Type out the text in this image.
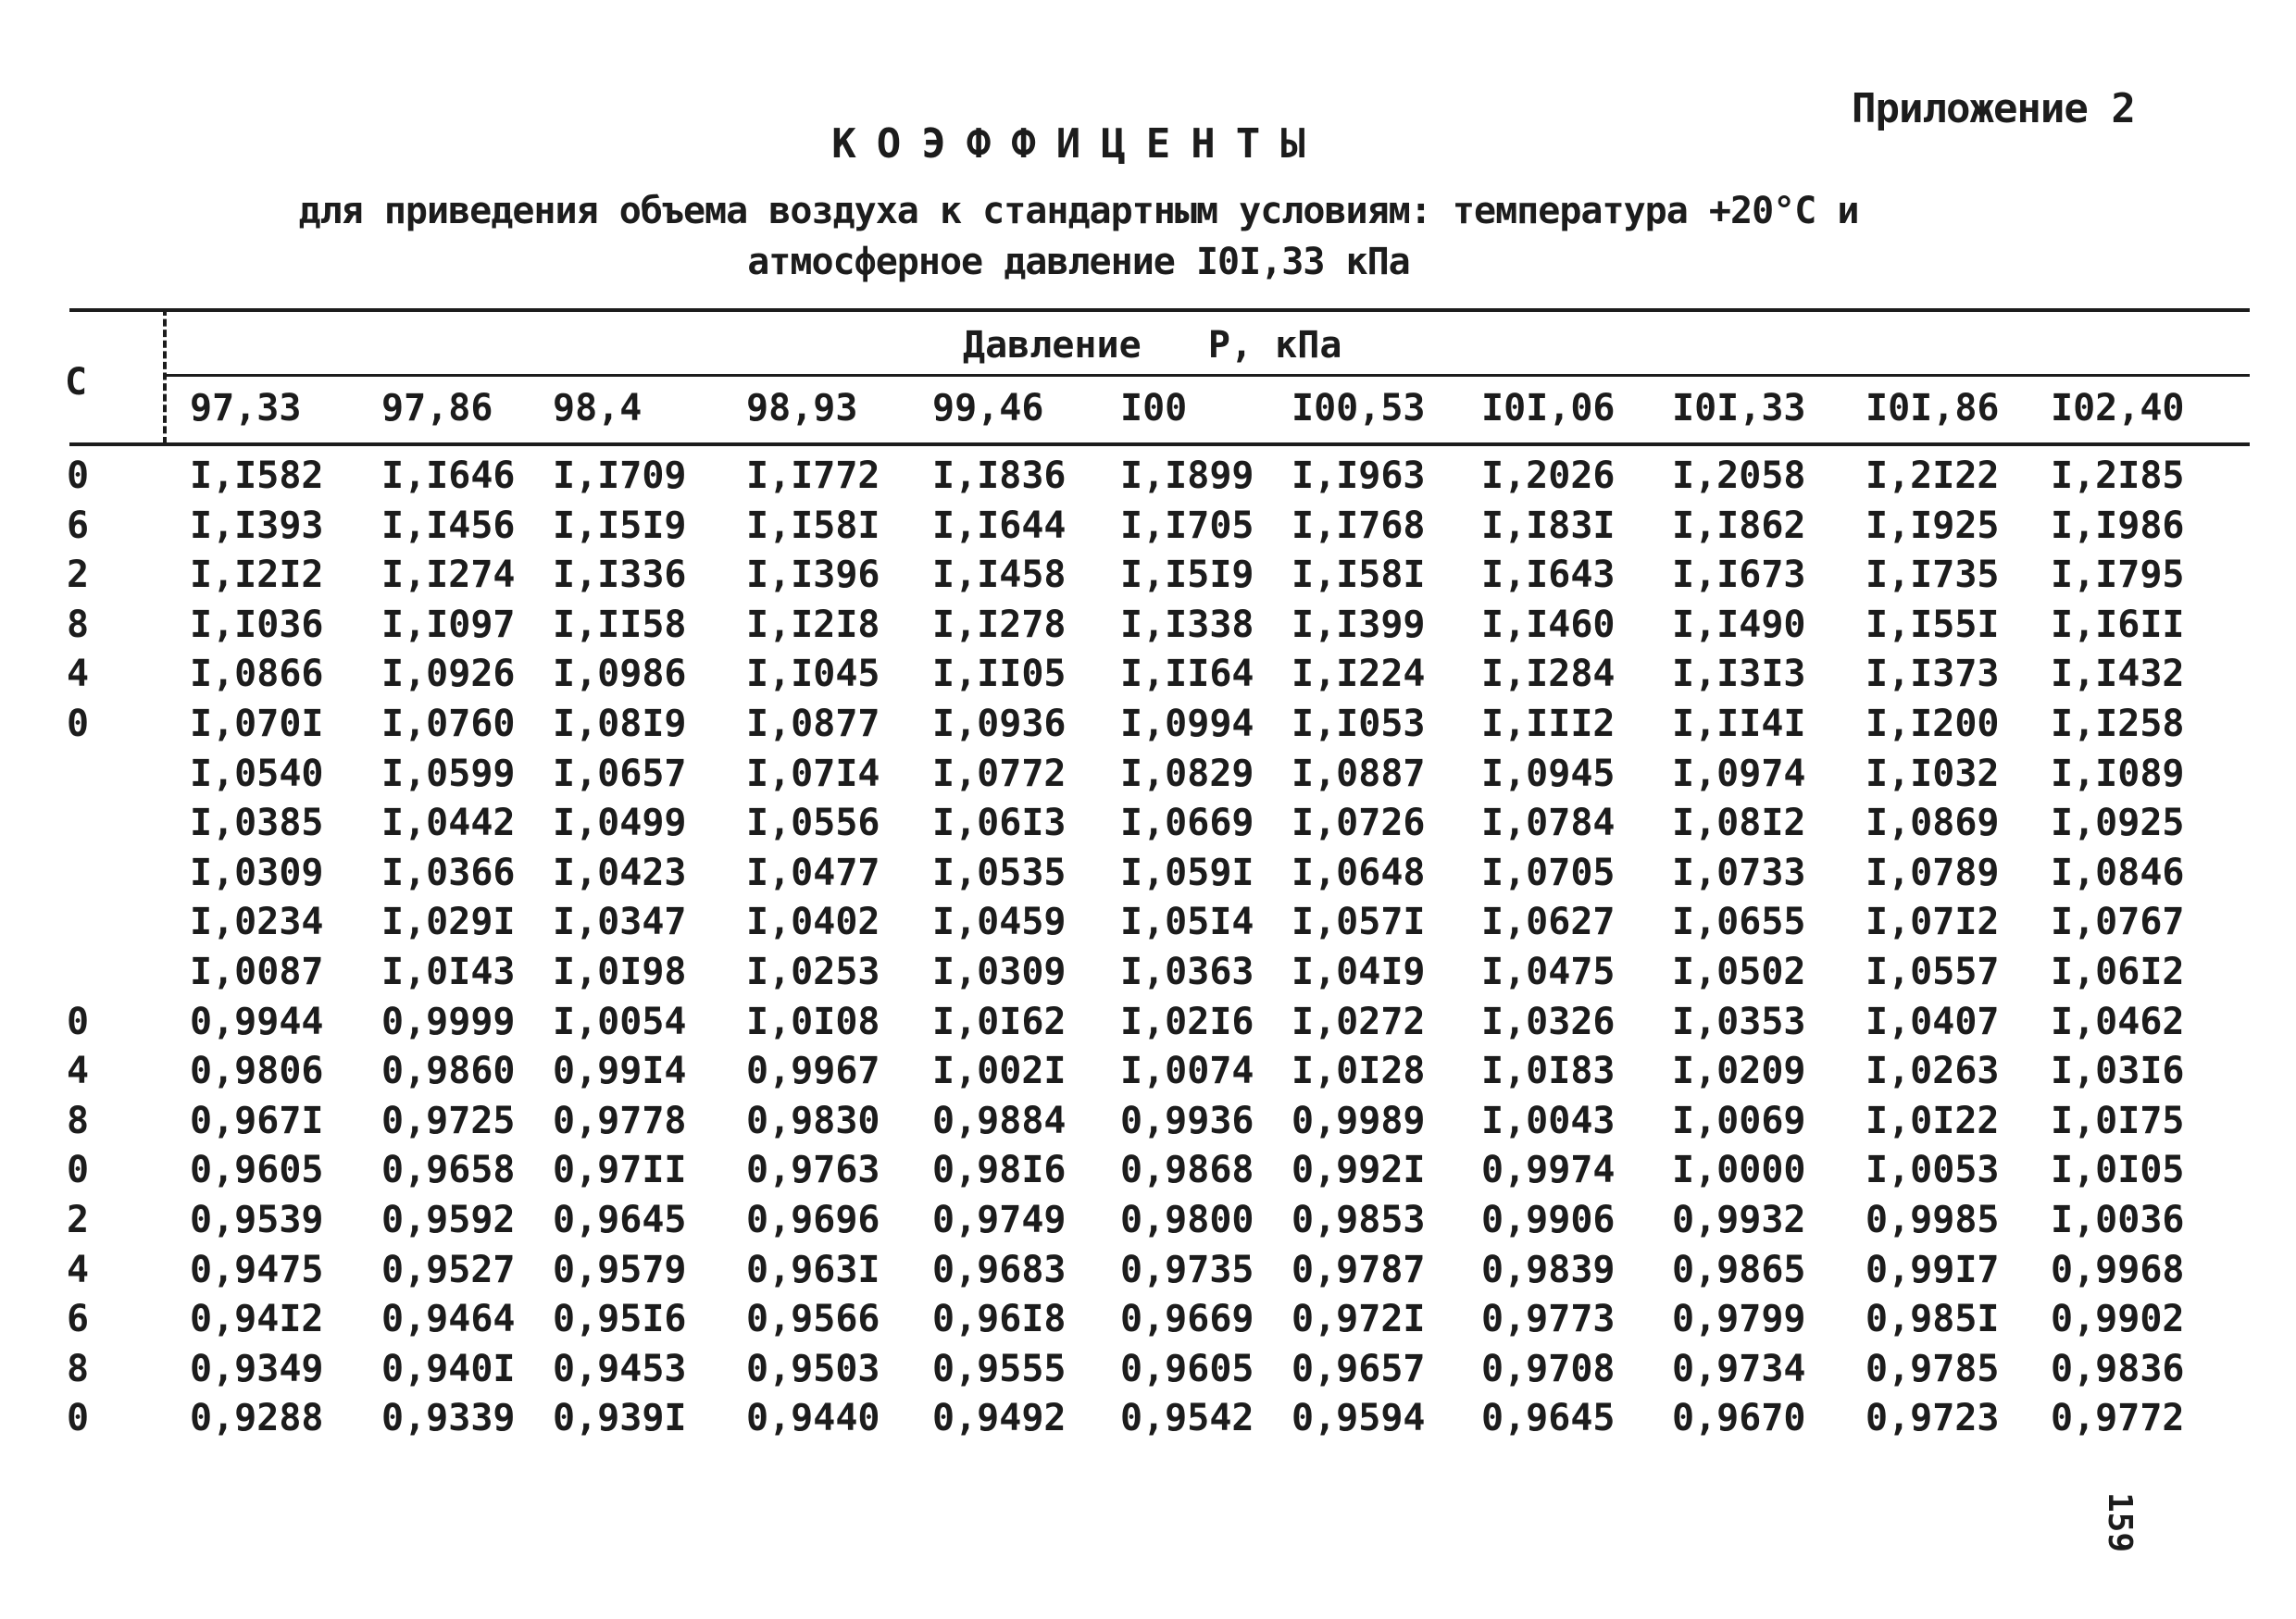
Приложение 2
КОЭФФИЦЕНТЫ
для приведения объема воздуха к стандартным условиям: температура +20°С и
атмосферное давление I0I,33 кПа
С
Давление   Р, кПа
97,33 97,86 98,4	98,93 99,46 I00	I00,53 I0I,06 I0I,33 I0I,86 I02,40
0	I,I582 I,I646 I,I709 I,I772 I,I836 I,I899 I,I963 I,2026 I,2058 I,2I22 I,2I85
6	I,I393 I,I456 I,I5I9 I,I58I I,I644 I,I705 I,I768 I,I83I I,I862 I,I925 I,I986
2	I,I2I2 I,I274 I,I336 I,I396 I,I458 I,I5I9 I,I58I I,I643 I,I673 I,I735 I,I795
8	I,I036 I,I097 I,II58 I,I2I8 I,I278 I,I338 I,I399 I,I460 I,I490 I,I55I I,I6II
4	I,0866 I,0926 I,0986 I,I045 I,II05 I,II64 I,I224 I,I284 I,I3I3 I,I373 I,I432
0	I,070I I,0760 I,08I9 I,0877 I,0936 I,0994 I,I053 I,III2 I,II4I I,I200 I,I258
I,0540 I,0599 I,0657 I,07I4 I,0772 I,0829 I,0887 I,0945 I,0974 I,I032 I,I089
I,0385 I,0442 I,0499 I,0556 I,06I3 I,0669 I,0726 I,0784 I,08I2 I,0869 I,0925
I,0309 I,0366 I,0423 I,0477 I,0535 I,059I I,0648 I,0705 I,0733 I,0789 I,0846
I,0234 I,029I I,0347 I,0402 I,0459 I,05I4 I,057I I,0627 I,0655 I,07I2 I,0767
I,0087 I,0I43 I,0I98 I,0253 I,0309 I,0363 I,04I9 I,0475 I,0502 I,0557 I,06I2
0	0,9944 0,9999 I,0054 I,0I08 I,0I62 I,02I6 I,0272 I,0326 I,0353 I,0407 I,0462
4	0,9806 0,9860 0,99I4 0,9967 I,002I I,0074 I,0I28 I,0I83 I,0209 I,0263 I,03I6
8	0,967I 0,9725 0,9778 0,9830 0,9884 0,9936 0,9989 I,0043 I,0069 I,0I22 I,0I75
0	0,9605 0,9658 0,97II 0,9763 0,98I6 0,9868 0,992I 0,9974 I,0000 I,0053 I,0I05
2	0,9539 0,9592 0,9645 0,9696 0,9749 0,9800 0,9853 0,9906 0,9932 0,9985 I,0036
4	0,9475 0,9527 0,9579 0,963I 0,9683 0,9735 0,9787 0,9839 0,9865 0,99I7 0,9968
6	0,94I2 0,9464 0,95I6 0,9566 0,96I8 0,9669 0,972I 0,9773 0,9799 0,985I 0,9902
8	0,9349 0,940I 0,9453 0,9503 0,9555 0,9605 0,9657 0,9708 0,9734 0,9785 0,9836
0	0,9288 0,9339 0,939I 0,9440 0,9492 0,9542 0,9594 0,9645 0,9670 0,9723 0,9772
159
